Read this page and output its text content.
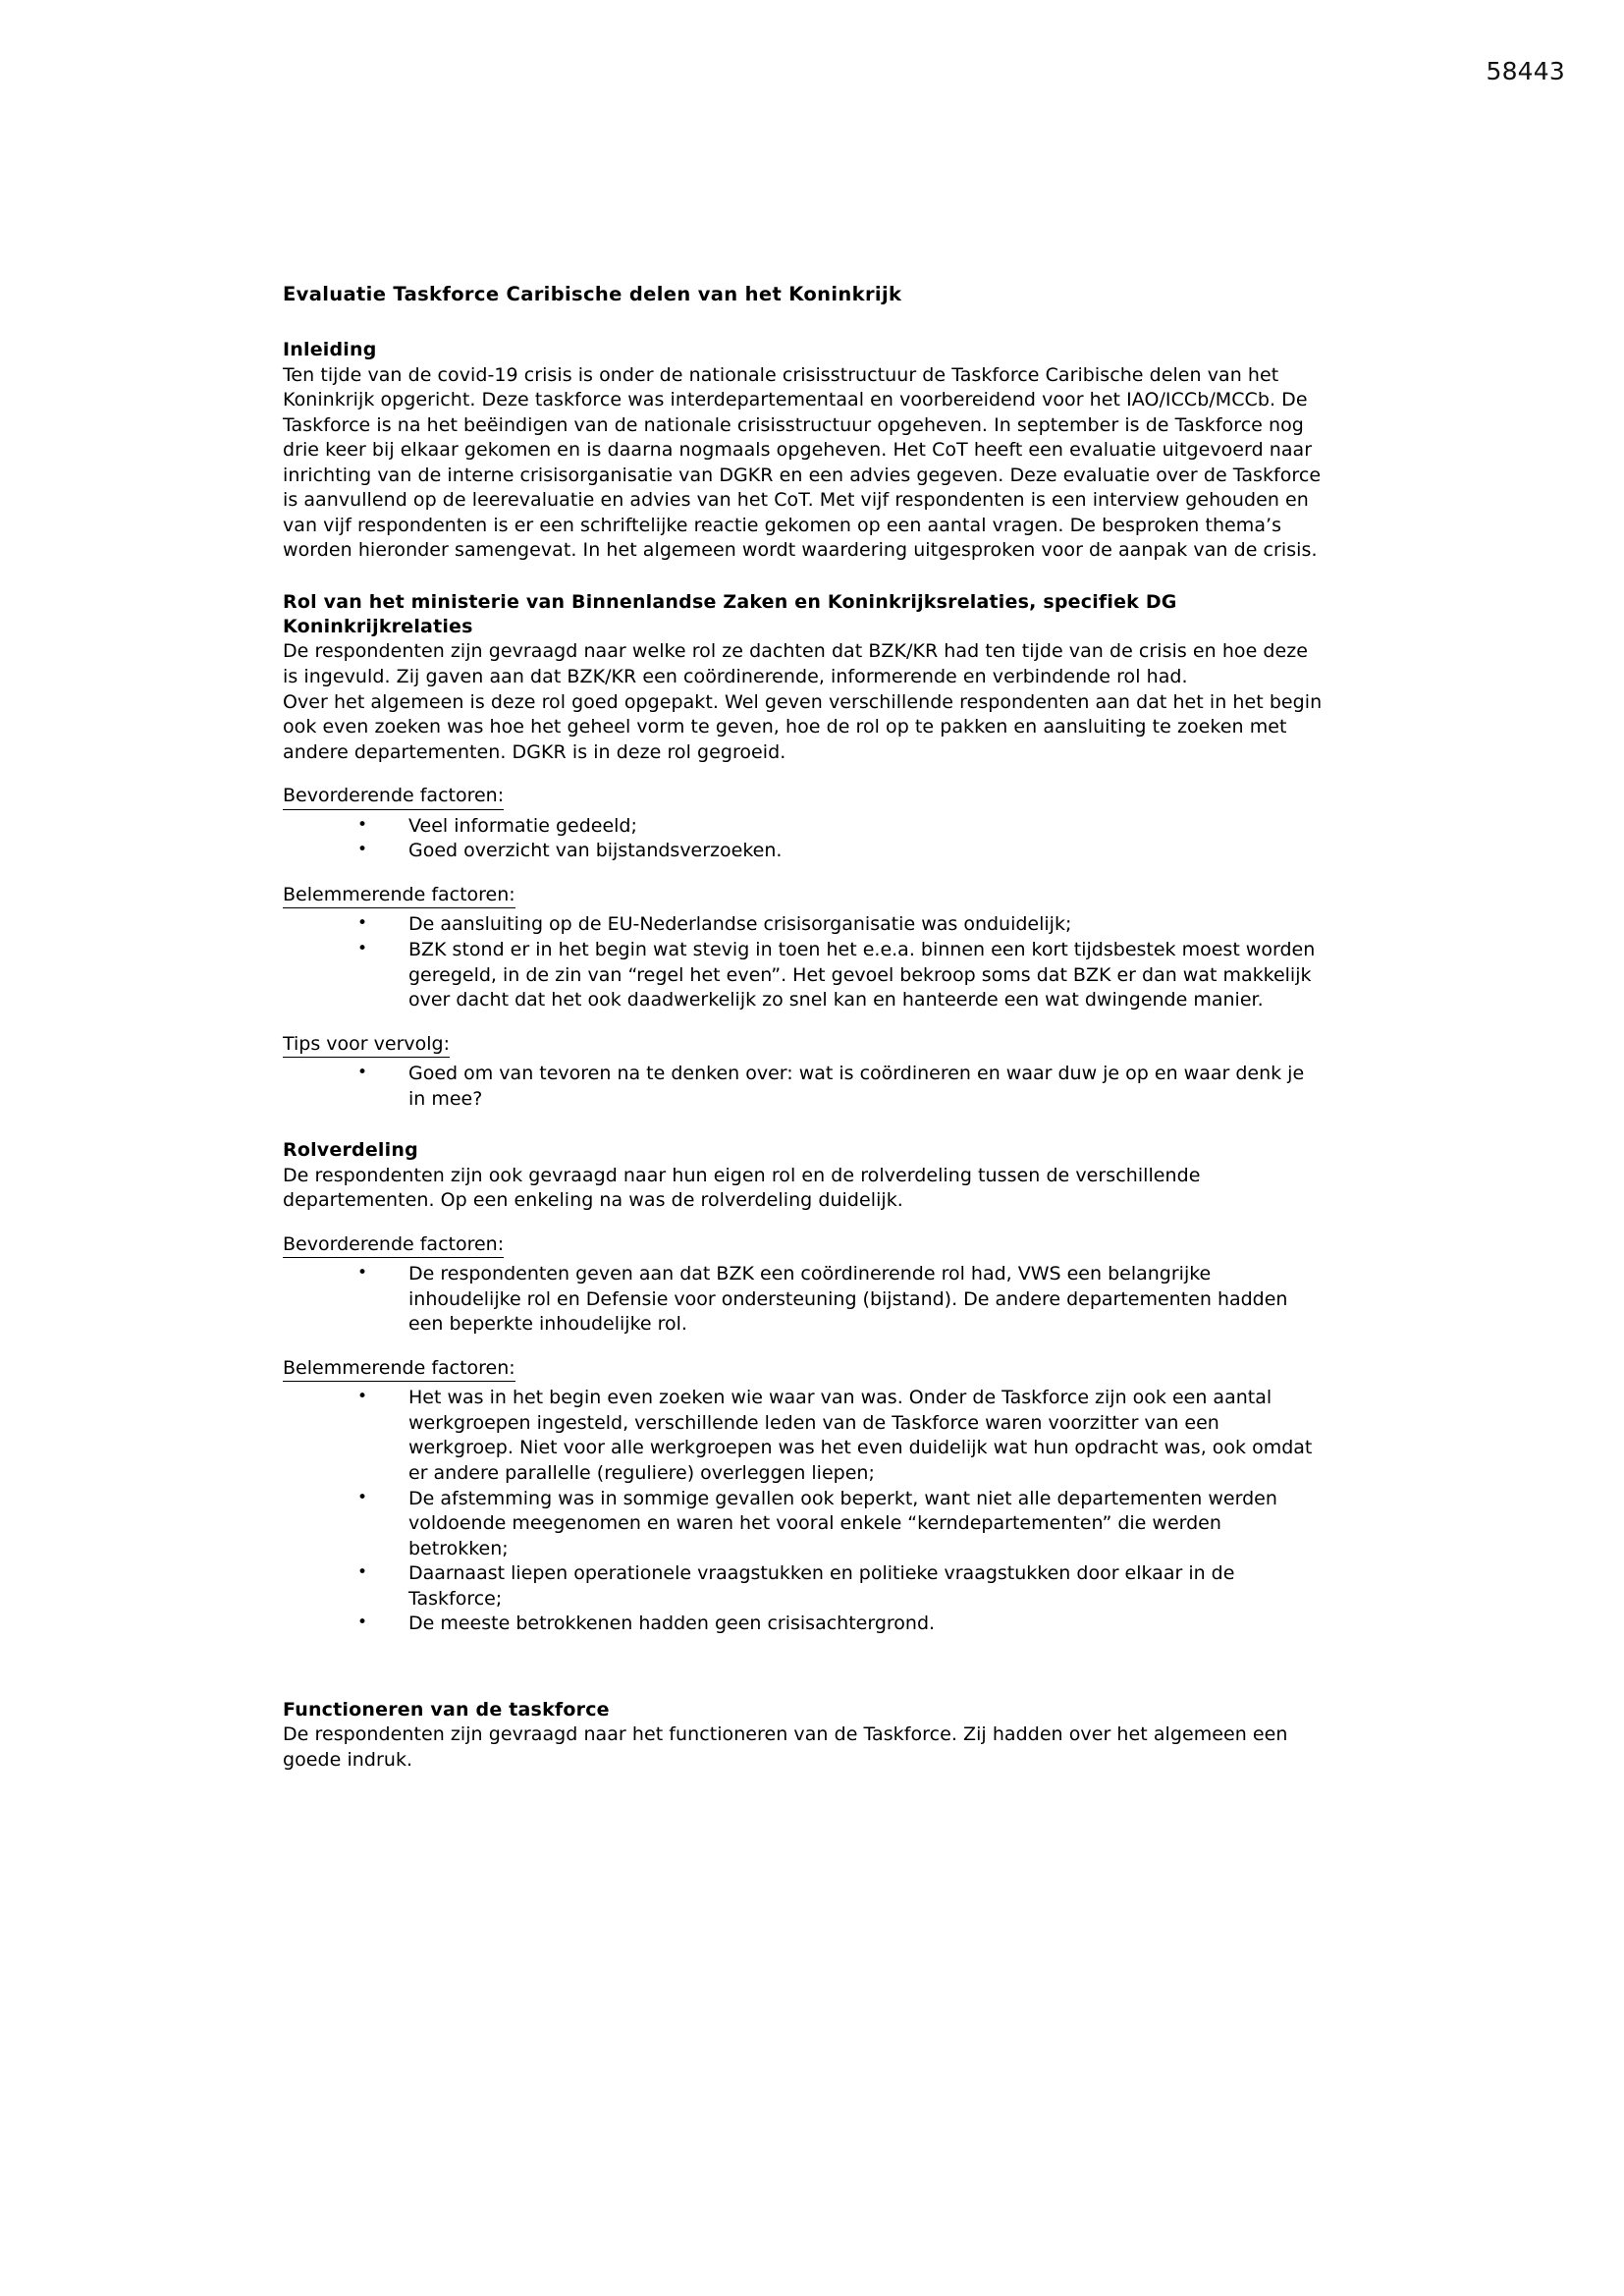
58443
Evaluatie Taskforce Caribische delen van het Koninkrijk
Inleiding

Ten tijde van de covid-19 crisis is onder de nationale crisisstructuur de Taskforce Caribische delen van het Koninkrijk opgericht. Deze taskforce was interdepartementaal en voorbereidend voor het IAO/ICCb/MCCb. De Taskforce is na het beëindigen van de nationale crisisstructuur opgeheven. In september is de Taskforce nog drie keer bij elkaar gekomen en is daarna nogmaals opgeheven. Het CoT heeft een evaluatie uitgevoerd naar inrichting van de interne crisisorganisatie van DGKR en een advies gegeven. Deze evaluatie over de Taskforce is aanvullend op de leerevaluatie en advies van het CoT. Met vijf respondenten is een interview gehouden en van vijf respondenten is er een schriftelijke reactie gekomen op een aantal vragen. De besproken thema’s worden hieronder samengevat. In het algemeen wordt waardering uitgesproken voor de aanpak van de crisis.

Rol van het ministerie van Binnenlandse Zaken en Koninkrijksrelaties, specifiek DG Koninkrijkrelaties

De respondenten zijn gevraagd naar welke rol ze dachten dat BZK/KR had ten tijde van de crisis en hoe deze is ingevuld. Zij gaven aan dat BZK/KR een coördinerende, informerende en verbindende rol had.

Over het algemeen is deze rol goed opgepakt. Wel geven verschillende respondenten aan dat het in het begin ook even zoeken was hoe het geheel vorm te geven, hoe de rol op te pakken en aansluiting te zoeken met andere departementen. DGKR is in deze rol gegroeid.

Bevorderende factoren:
• Veel informatie gedeeld;
• Goed overzicht van bijstandsverzoeken.
Belemmerende factoren:
• De aansluiting op de EU-Nederlandse crisisorganisatie was onduidelijk;
• BZK stond er in het begin wat stevig in toen het e.e.a. binnen een kort tijdsbestek moest worden geregeld, in de zin van “regel het even”. Het gevoel bekroop soms dat BZK er dan wat makkelijk over dacht dat het ook daadwerkelijk zo snel kan en hanteerde een wat dwingende manier.
Tips voor vervolg:
• Goed om van tevoren na te denken over: wat is coördineren en waar duw je op en waar denk je in mee?
Rolverdeling

De respondenten zijn ook gevraagd naar hun eigen rol en de rolverdeling tussen de verschillende departementen. Op een enkeling na was de rolverdeling duidelijk.

Bevorderende factoren:
• De respondenten geven aan dat BZK een coördinerende rol had, VWS een belangrijke inhoudelijke rol en Defensie voor ondersteuning (bijstand). De andere departementen hadden een beperkte inhoudelijke rol.
Belemmerende factoren:
• Het was in het begin even zoeken wie waar van was. Onder de Taskforce zijn ook een aantal werkgroepen ingesteld, verschillende leden van de Taskforce waren voorzitter van een werkgroep. Niet voor alle werkgroepen was het even duidelijk wat hun opdracht was, ook omdat er andere parallelle (reguliere) overleggen liepen;
• De afstemming was in sommige gevallen ook beperkt, want niet alle departementen werden voldoende meegenomen en waren het vooral enkele “kerndepartementen” die werden betrokken;
• Daarnaast liepen operationele vraagstukken en politieke vraagstukken door elkaar in de Taskforce;
• De meeste betrokkenen hadden geen crisisachtergrond.
Functioneren van de taskforce

De respondenten zijn gevraagd naar het functioneren van de Taskforce. Zij hadden over het algemeen een goede indruk.
